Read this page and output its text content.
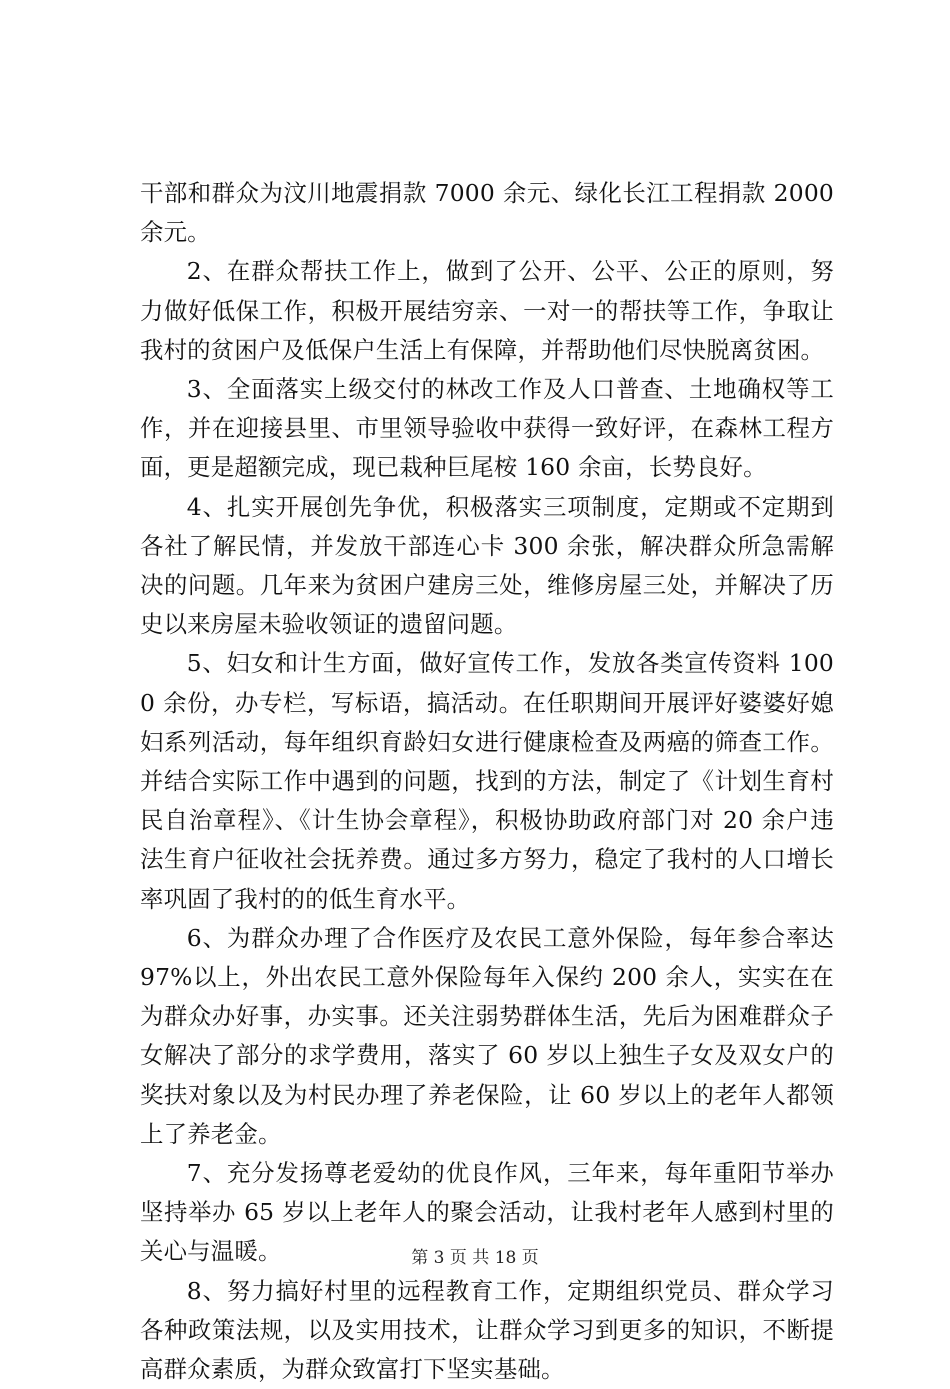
干部和群众为汶川地震捐款 7000 余元、绿化长江工程捐款 2000 余元。

2、在群众帮扶工作上，做到了公开、公平、公正的原则，努力做好低保工作，积极开展结穷亲、一对一的帮扶等工作，争取让我村的贫困户及低保户生活上有保障，并帮助他们尽快脱离贫困。

3、全面落实上级交付的林改工作及人口普查、土地确权等工作，并在迎接县里、市里领导验收中获得一致好评，在森林工程方面，更是超额完成，现已栽种巨尾桉 160 余亩，长势良好。

4、扎实开展创先争优，积极落实三项制度，定期或不定期到各社了解民情，并发放干部连心卡 300 余张，解决群众所急需解决的问题。几年来为贫困户建房三处，维修房屋三处，并解决了历史以来房屋未验收领证的遗留问题。

5、妇女和计生方面，做好宣传工作，发放各类宣传资料 1000 余份，办专栏，写标语，搞活动。在任职期间开展评好婆婆好媳妇系列活动，每年组织育龄妇女进行健康检查及两癌的筛查工作。并结合实际工作中遇到的问题，找到的方法，制定了《计划生育村民自治章程》、《计生协会章程》，积极协助政府部门对 20 余户违法生育户征收社会抚养费。通过多方努力，稳定了我村的人口增长率巩固了我村的的低生育水平。

6、为群众办理了合作医疗及农民工意外保险，每年参合率达 97%以上，外出农民工意外保险每年入保约 200 余人，实实在在为群众办好事，办实事。还关注弱势群体生活，先后为困难群众子女解决了部分的求学费用，落实了 60 岁以上独生子女及双女户的奖扶对象以及为村民办理了养老保险，让 60 岁以上的老年人都领上了养老金。

7、充分发扬尊老爱幼的优良作风，三年来，每年重阳节举办坚持举办 65 岁以上老年人的聚会活动，让我村老年人感到村里的关心与温暖。

8、努力搞好村里的远程教育工作，定期组织党员、群众学习各种政策法规，以及实用技术，让群众学习到更多的知识，不断提高群众素质，为群众致富打下坚实基础。

第 3 页 共 18 页
